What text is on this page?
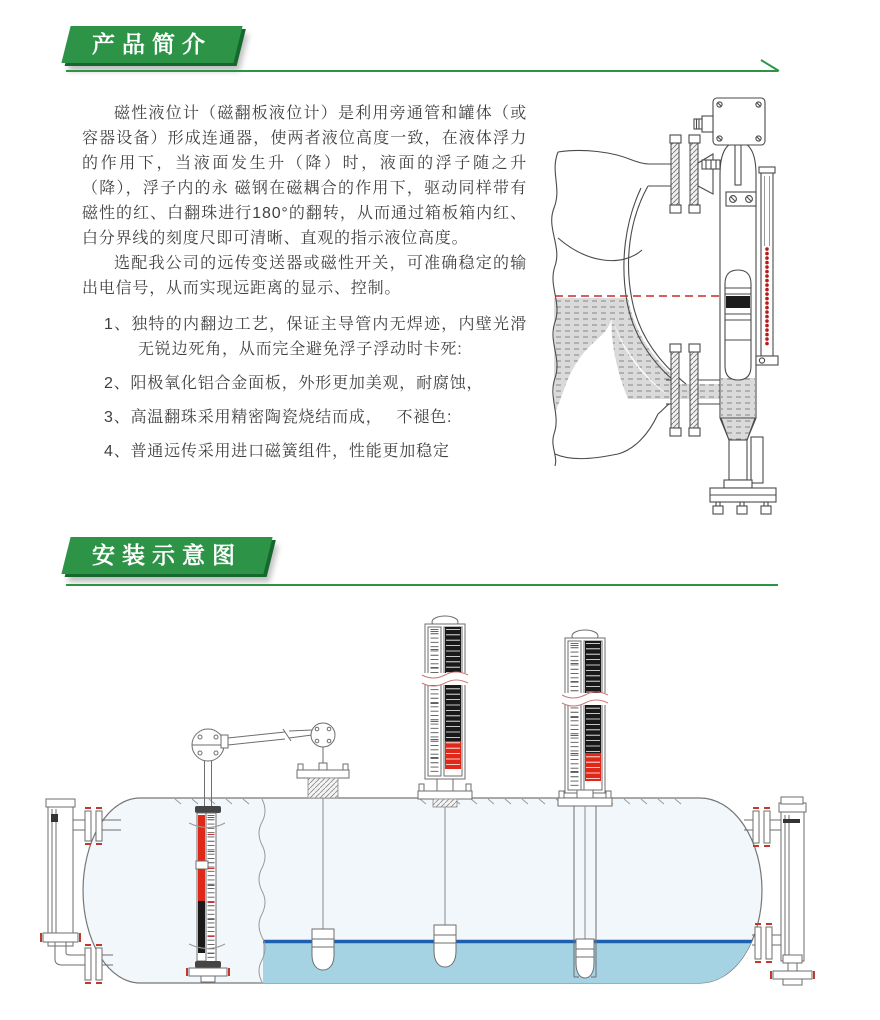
产品简介

磁性液位计（磁翻板液位计）是利用旁通管和罐体（或容器设备）形成连通器，使两者液位高度一致，在液体浮力的作用下，当液面发生升（降）时，液面的浮子随之升（降），浮子内的永 磁钢在磁耦合的作用下，驱动同样带有磁性的红、白翻珠进行180°的翻转，从而通过箱板箱内红、白分界线的刻度尺即可清晰、直观的指示液位高度。

选配我公司的远传变送器或磁性开关，可准确稳定的输出电信号，从而实现远距离的显示、控制。

1、独特的内翻边工艺，保证主导管内无焊迹，内壁光滑无锐边死角，从而完全避免浮子浮动时卡死:
2、阳极氧化铝合金面板，外形更加美观，耐腐蚀，
3、高温翻珠采用精密陶瓷烧结而成，　 不褪色:
4、普通远传采用进口磁簧组件，性能更加稳定
安装示意图
